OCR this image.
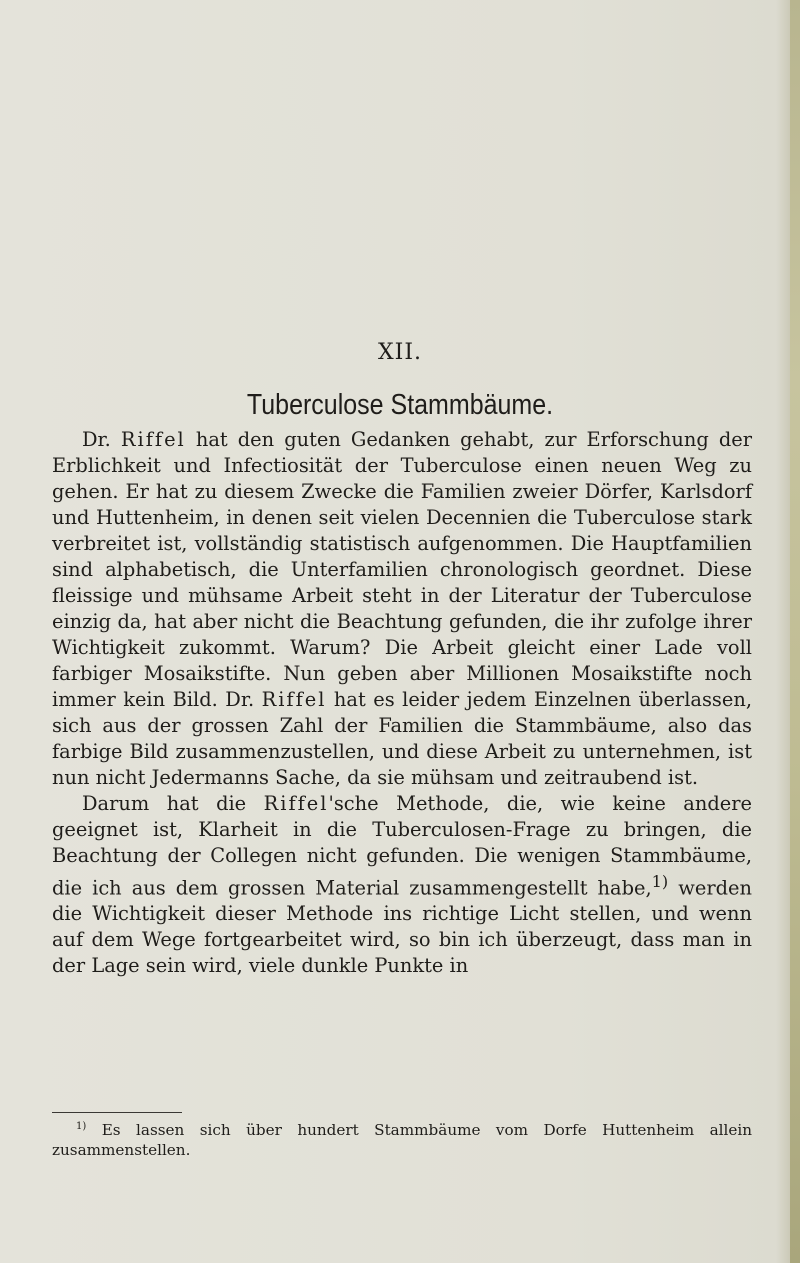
XII.
Tuberculose Stammbäume.

Dr. Riffel hat den guten Gedanken gehabt, zur Erforschung der Erblichkeit und Infectiosität der Tuberculose einen neuen Weg zu gehen. Er hat zu diesem Zwecke die Familien zweier Dörfer, Karlsdorf und Huttenheim, in denen seit vielen Decennien die Tuberculose stark verbreitet ist, vollständig statistisch aufgenommen. Die Hauptfamilien sind alphabetisch, die Unterfamilien chronologisch geordnet. Diese fleissige und mühsame Arbeit steht in der Literatur der Tuberculose einzig da, hat aber nicht die Beachtung gefunden, die ihr zufolge ihrer Wichtigkeit zukommt. Warum? Die Arbeit gleicht einer Lade voll farbiger Mosaikstifte. Nun geben aber Millionen Mosaikstifte noch immer kein Bild. Dr. Riffel hat es leider jedem Einzelnen überlassen, sich aus der grossen Zahl der Familien die Stammbäume, also das farbige Bild zusammenzustellen, und diese Arbeit zu unternehmen, ist nun nicht Jedermanns Sache, da sie mühsam und zeitraubend ist.

Darum hat die Riffel'sche Methode, die, wie keine andere geeignet ist, Klarheit in die Tuberculosen-Frage zu bringen, die Beachtung der Collegen nicht gefunden. Die wenigen Stammbäume, die ich aus dem grossen Material zusammengestellt habe,$^{1)}$ werden die Wichtigkeit dieser Methode ins richtige Licht stellen, und wenn auf dem Wege fortgearbeitet wird, so bin ich überzeugt, dass man in der Lage sein wird, viele dunkle Punkte in

$^{1)}$ Es lassen sich über hundert Stammbäume vom Dorfe Huttenheim allein zusammenstellen.
